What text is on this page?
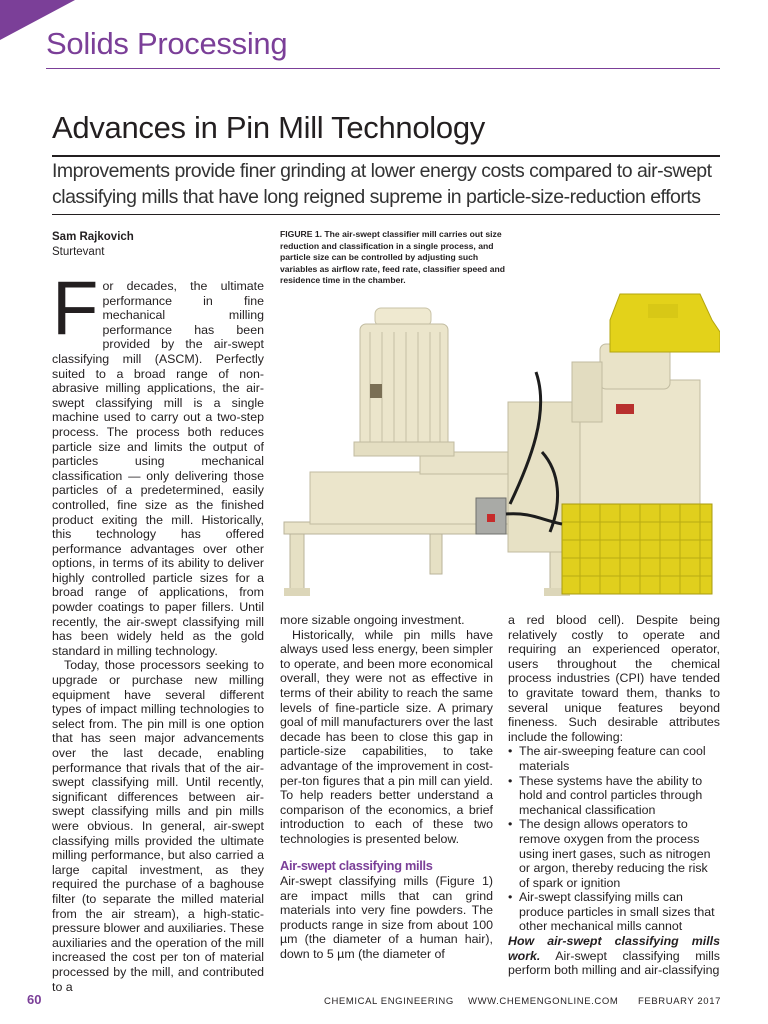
Solids Processing
Advances in Pin Mill Technology
Improvements provide finer grinding at lower energy costs compared to air-swept classifying mills that have long reigned supreme in particle-size-reduction efforts
Sam Rajkovich
Sturtevant

For decades, the ultimate performance in fine mechanical milling performance has been provided by the air-swept classifying mill (ASCM). Perfectly suited to a broad range of non-abrasive milling applications, the air-swept classifying mill is a single machine used to carry out a two-step process. The process both reduces particle size and limits the output of particles using mechanical classification — only delivering those particles of a predetermined, easily controlled, fine size as the finished product exiting the mill. Historically, this technology has offered performance advantages over other options, in terms of its ability to deliver highly controlled particle sizes for a broad range of applications, from powder coatings to paper fillers. Until recently, the air-swept classifying mill has been widely held as the gold standard in milling technology.

Today, those processors seeking to upgrade or purchase new milling equipment have several different types of impact milling technologies to select from. The pin mill is one option that has seen major advancements over the last decade, enabling performance that rivals that of the air-swept classifying mill. Until recently, significant differences between air-swept classifying mills and pin mills were obvious. In general, air-swept classifying mills provided the ultimate milling performance, but also carried a large capital investment, as they required the purchase of a baghouse filter (to separate the milled material from the air stream), a high-static-pressure blower and auxiliaries. These auxiliaries and the operation of the mill increased the cost per ton of material processed by the mill, and contributed to a

FIGURE 1. The air-swept classifier mill carries out size reduction and classification in a single process, and particle size can be controlled by adjusting such variables as airflow rate, feed rate, classifier speed and residence time in the chamber.

more sizable ongoing investment.

Historically, while pin mills have always used less energy, been simpler to operate, and been more economical overall, they were not as effective in terms of their ability to reach the same levels of fine-particle size. A primary goal of mill manufacturers over the last decade has been to close this gap in particle-size capabilities, to take advantage of the improvement in cost-per-ton figures that a pin mill can yield. To help readers better understand a comparison of the economics, a brief introduction to each of these two technologies is presented below.

Air-swept classifying mills

Air-swept classifying mills (Figure 1) are impact mills that can grind materials into very fine powders. The products range in size from about 100 µm (the diameter of a human hair), down to 5 µm (the diameter of

a red blood cell). Despite being relatively costly to operate and requiring an experienced operator, users throughout the chemical process industries (CPI) have tended to gravitate toward them, thanks to several unique features beyond fineness. Such desirable attributes include the following:

• The air-sweeping feature can cool materials
• These systems have the ability to hold and control particles through mechanical classification
• The design allows operators to remove oxygen from the process using inert gases, such as nitrogen or argon, thereby reducing the risk of spark or ignition
• Air-swept classifying mills can produce particles in small sizes that other mechanical mills cannot

How air-swept classifying mills work. Air-swept classifying mills perform both milling and air-classifying

60	CHEMICAL ENGINEERING WWW.CHEMENGONLINE.COM FEBRUARY 2017
